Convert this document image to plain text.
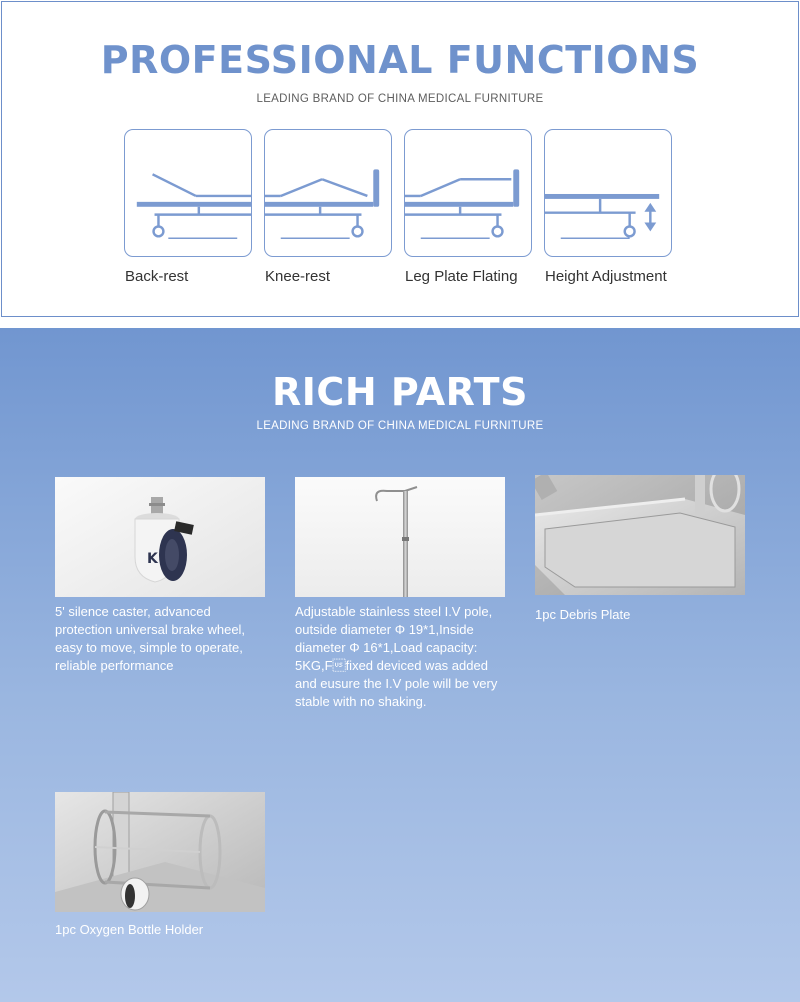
PROFESSIONAL FUNCTIONS
LEADING BRAND OF CHINA MEDICAL FURNITURE
Back-rest	Knee-rest	Leg Plate Flating Height Adjustment
RICH PARTS
LEADING BRAND OF CHINA MEDICAL FURNITURE
K
5' silence caster, advanced protection universal brake wheel, easy to move, simple to operate, reliable performance
Adjustable stainless steel I.V pole, outside diameter Φ 19*1,Inside diameter Φ 16*1,Load capacity: 5KG,Ffixed deviced was added and eusure the I.V pole will be very stable with no shaking.
1pc Debris Plate
1pc Oxygen Bottle Holder
